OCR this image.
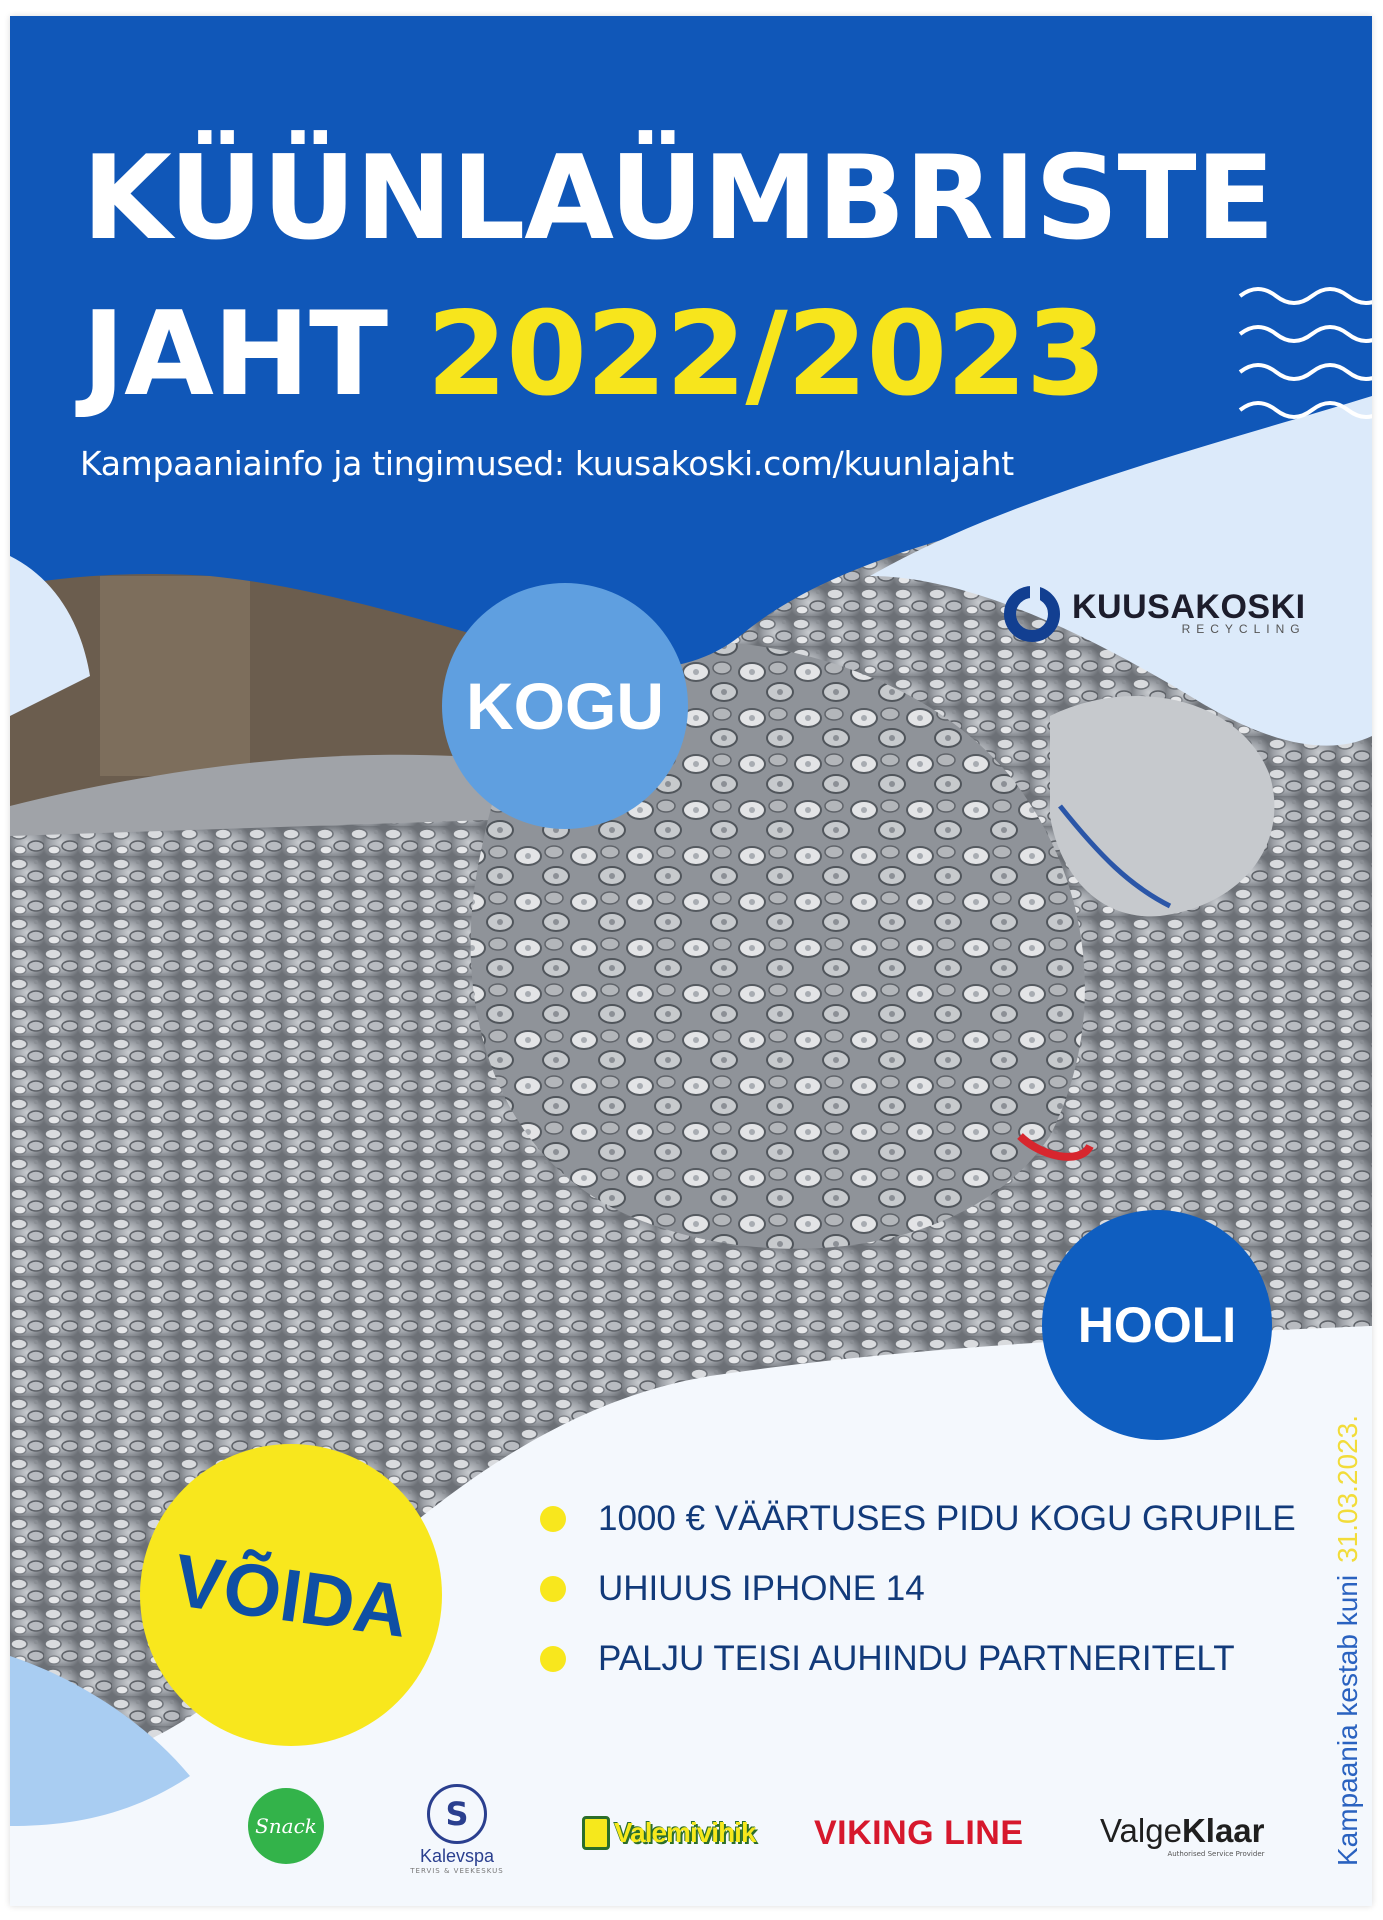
KÜÜNLAÜMBRISTE
JAHT 2022/2023
Kampaaniainfo ja tingimused: kuusakoski.com/kuunlajaht
KUUSAKOSKI
RECYCLING
KOGU
HOOLI
VÕIDA
1000 € VÄÄRTUSES PIDU KOGU GRUPILE
UHIUUS IPHONE 14
PALJU TEISI AUHINDU PARTNERITELT	Kampaania kestab kuni31.03.2023.
Snack	S
Kalevspa
TERVIS & VEEKESKUS
Valemivihik VIKING LINE ValgeKlaar
Authorised Service Provider
